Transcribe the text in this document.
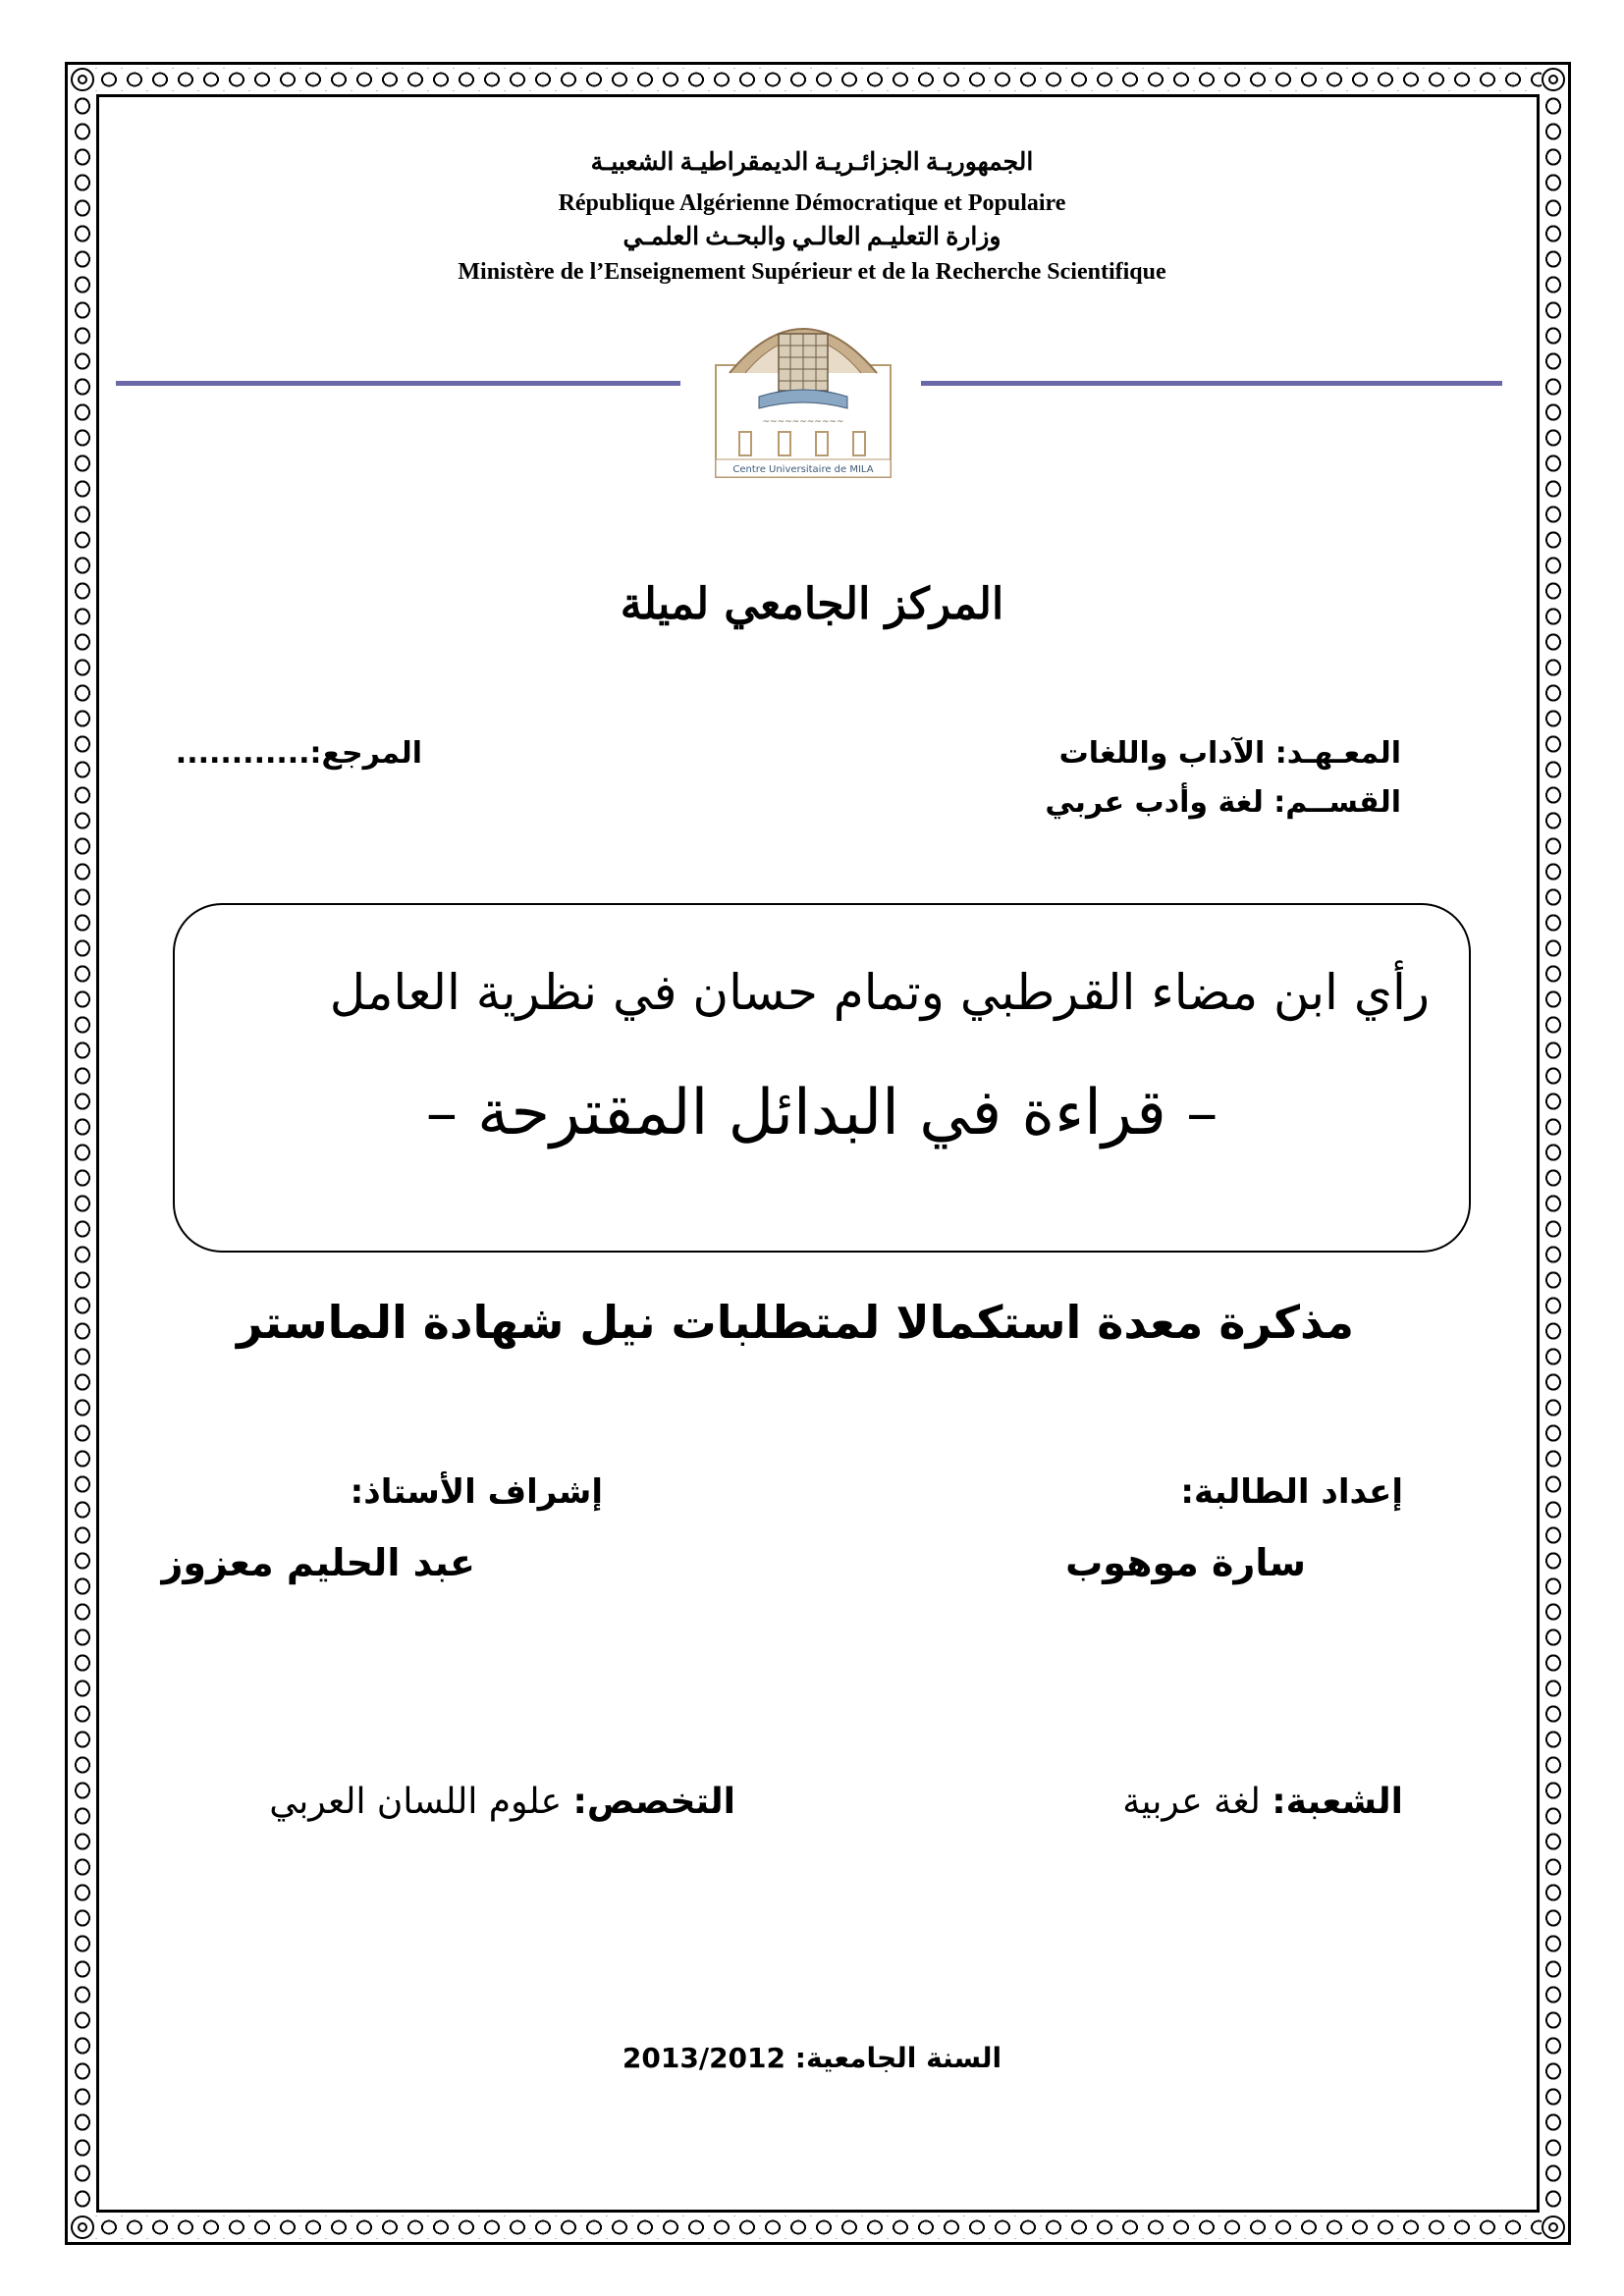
الجمهوريـة الجزائـريـة الديمقراطيـة الشعبيـة
République Algérienne Démocratique et Populaire
وزارة التعليـم العالـي والبحـث العلمـي
Ministère de l’Enseignement Supérieur et de la Recherche Scientifique
~~~~~~~~~~~
Centre Universitaire de MILA
المركز الجامعي لميلة
المعـهـد: الآداب واللغات
القســم: لغة وأدب عربي
المرجع:............
رأي ابن مضاء القرطبي وتمام حسان في نظرية العامل
– قراءة في البدائل المقترحة –
مذكرة معدة استكمالا لمتطلبات نيل شهادة الماستر
إعداد الطالبة:
إشراف الأستاذ:
سارة موهوب
عبد الحليم معزوز
الشعبة: لغة عربية
التخصص: علوم اللسان العربي
السنة الجامعية: 2013/2012
